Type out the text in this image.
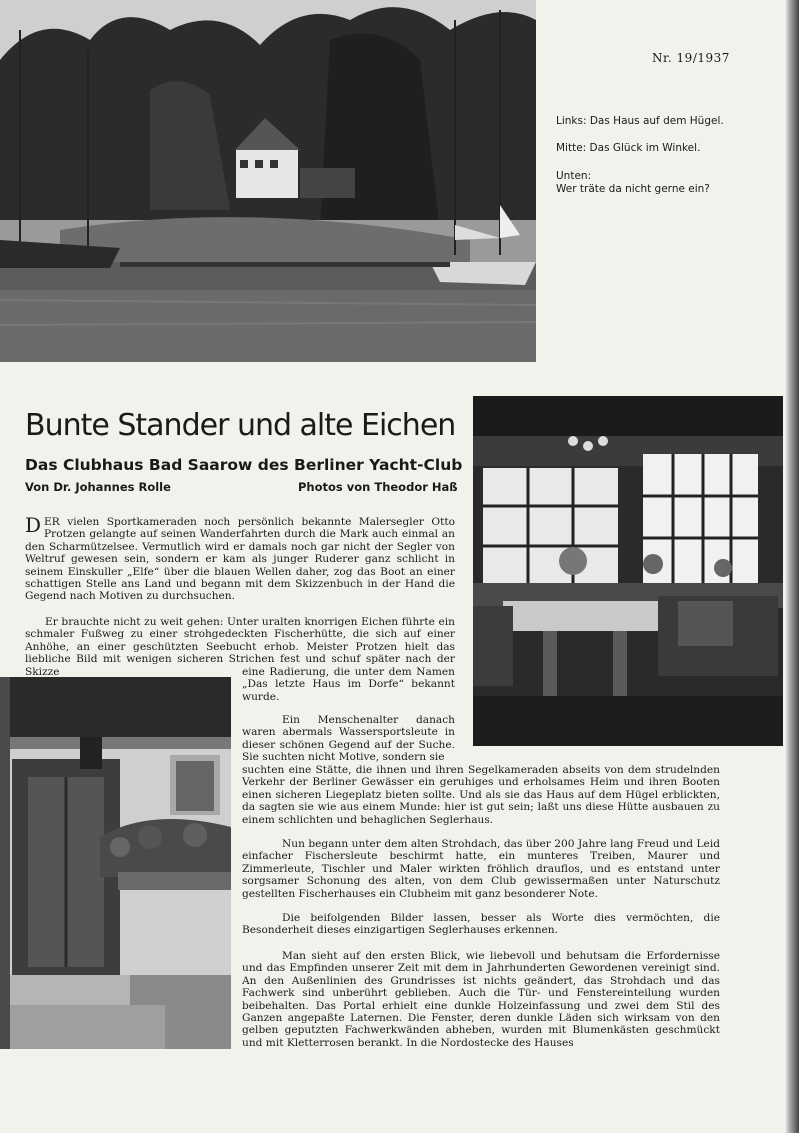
Nr. 19/1937
Links: Das Haus auf dem Hügel.
Mitte: Das Glück im Winkel.
Unten:
Wer träte da nicht gerne ein?
Bunte Stander und alte Eichen
Das Clubhaus Bad Saarow des Berliner Yacht-Club
Von Dr. Johannes Rolle	Photos von Theodor Haß

DER vielen Sportkameraden noch persönlich bekannte Malersegler Otto Protzen gelangte auf seinen Wanderfahrten durch die Mark auch einmal an den Scharmützelsee. Vermutlich wird er damals noch gar nicht der Segler von Weltruf gewesen sein, sondern er kam als junger Ruderer ganz schlicht in seinem Einskuller „Elfe“ über die blauen Wellen daher, zog das Boot an einer schattigen Stelle ans Land und begann mit dem Skizzenbuch in der Hand die Gegend nach Motiven zu durchsuchen.

Er brauchte nicht zu weit gehen: Unter uralten knorrigen Eichen führte ein schmaler Fußweg zu einer strohgedeckten Fischerhütte, die sich auf einer Anhöhe, an einer geschützten Seebucht erhob. Meister Protzen hielt das liebliche Bild mit wenigen sicheren Strichen fest und schuf später nach der Skizze	eine Radierung, die unter dem Namen „Das letzte Haus im Dorfe“ bekannt wurde.

Ein Menschenalter danach waren abermals Wassersportsleute in dieser schönen Gegend auf der Suche. Sie suchten nicht Motive, sondern sie

suchten eine Stätte, die ihnen und ihren Segelkameraden abseits von dem strudelnden Verkehr der Berliner Gewässer ein geruhiges und erholsames Heim und ihren Booten einen sicheren Liegeplatz bieten sollte. Und als sie das Haus auf dem Hügel erblickten, da sagten sie wie aus einem Munde: hier ist gut sein; laßt uns diese Hütte ausbauen zu einem schlichten und behaglichen Seglerhaus.

Nun begann unter dem alten Strohdach, das über 200 Jahre lang Freud und Leid einfacher Fischersleute beschirmt hatte, ein munteres Treiben, Maurer und Zimmerleute, Tischler und Maler wirkten fröhlich drauflos, und es entstand unter sorgsamer Schonung des alten, von dem Club gewissermaßen unter Naturschutz gestellten Fischerhauses ein Clubheim mit ganz besonderer Note.

Die beifolgenden Bilder lassen, besser als Worte dies vermöchten, die Besonderheit dieses einzigartigen Seglerhauses erkennen.

Man sieht auf den ersten Blick, wie liebevoll und behutsam die Erfordernisse und das Empfinden unserer Zeit mit dem in Jahrhunderten Gewordenen vereinigt sind. An den Außenlinien des Grundrisses ist nichts geändert, das Strohdach und das Fachwerk sind unberührt geblieben. Auch die Tür- und Fenstereinteilung wurden beibehalten. Das Portal erhielt eine dunkle Holzeinfassung und zwei dem Stil des Ganzen angepaßte Laternen. Die Fenster, deren dunkle Läden sich wirksam von den gelben geputzten Fachwerkwänden abheben, wurden mit Blumenkästen geschmückt und mit Kletterrosen berankt. In die Nordostecke des Hauses
